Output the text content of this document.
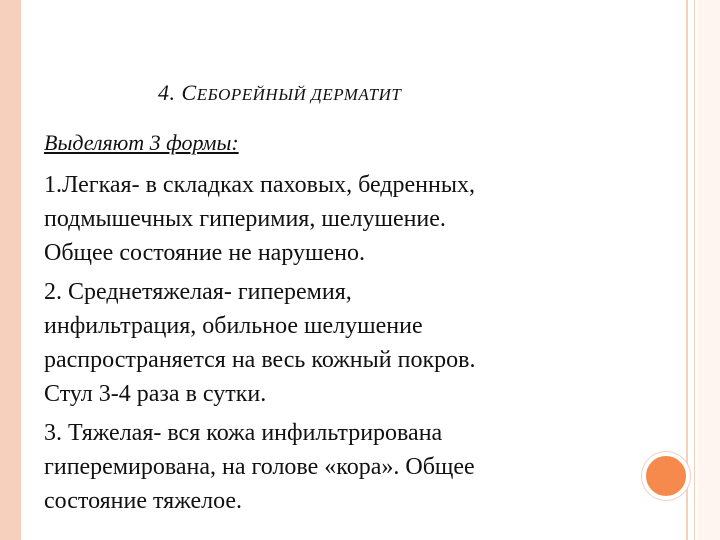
4. СЕБОРЕЙНЫЙ ДЕРМАТИТ
Выделяют 3 формы:

1.Легкая- в складках паховых, бедренных,
подмышечных гиперимия, шелушение.
Общее состояние не нарушено.

2. Среднетяжелая- гиперемия,
инфильтрация, обильное шелушение
распространяется на весь кожный покров.
Стул 3-4 раза в сутки.

3. Тяжелая- вся кожа инфильтрирована
гиперемирована, на голове «кора». Общее
состояние тяжелое.
